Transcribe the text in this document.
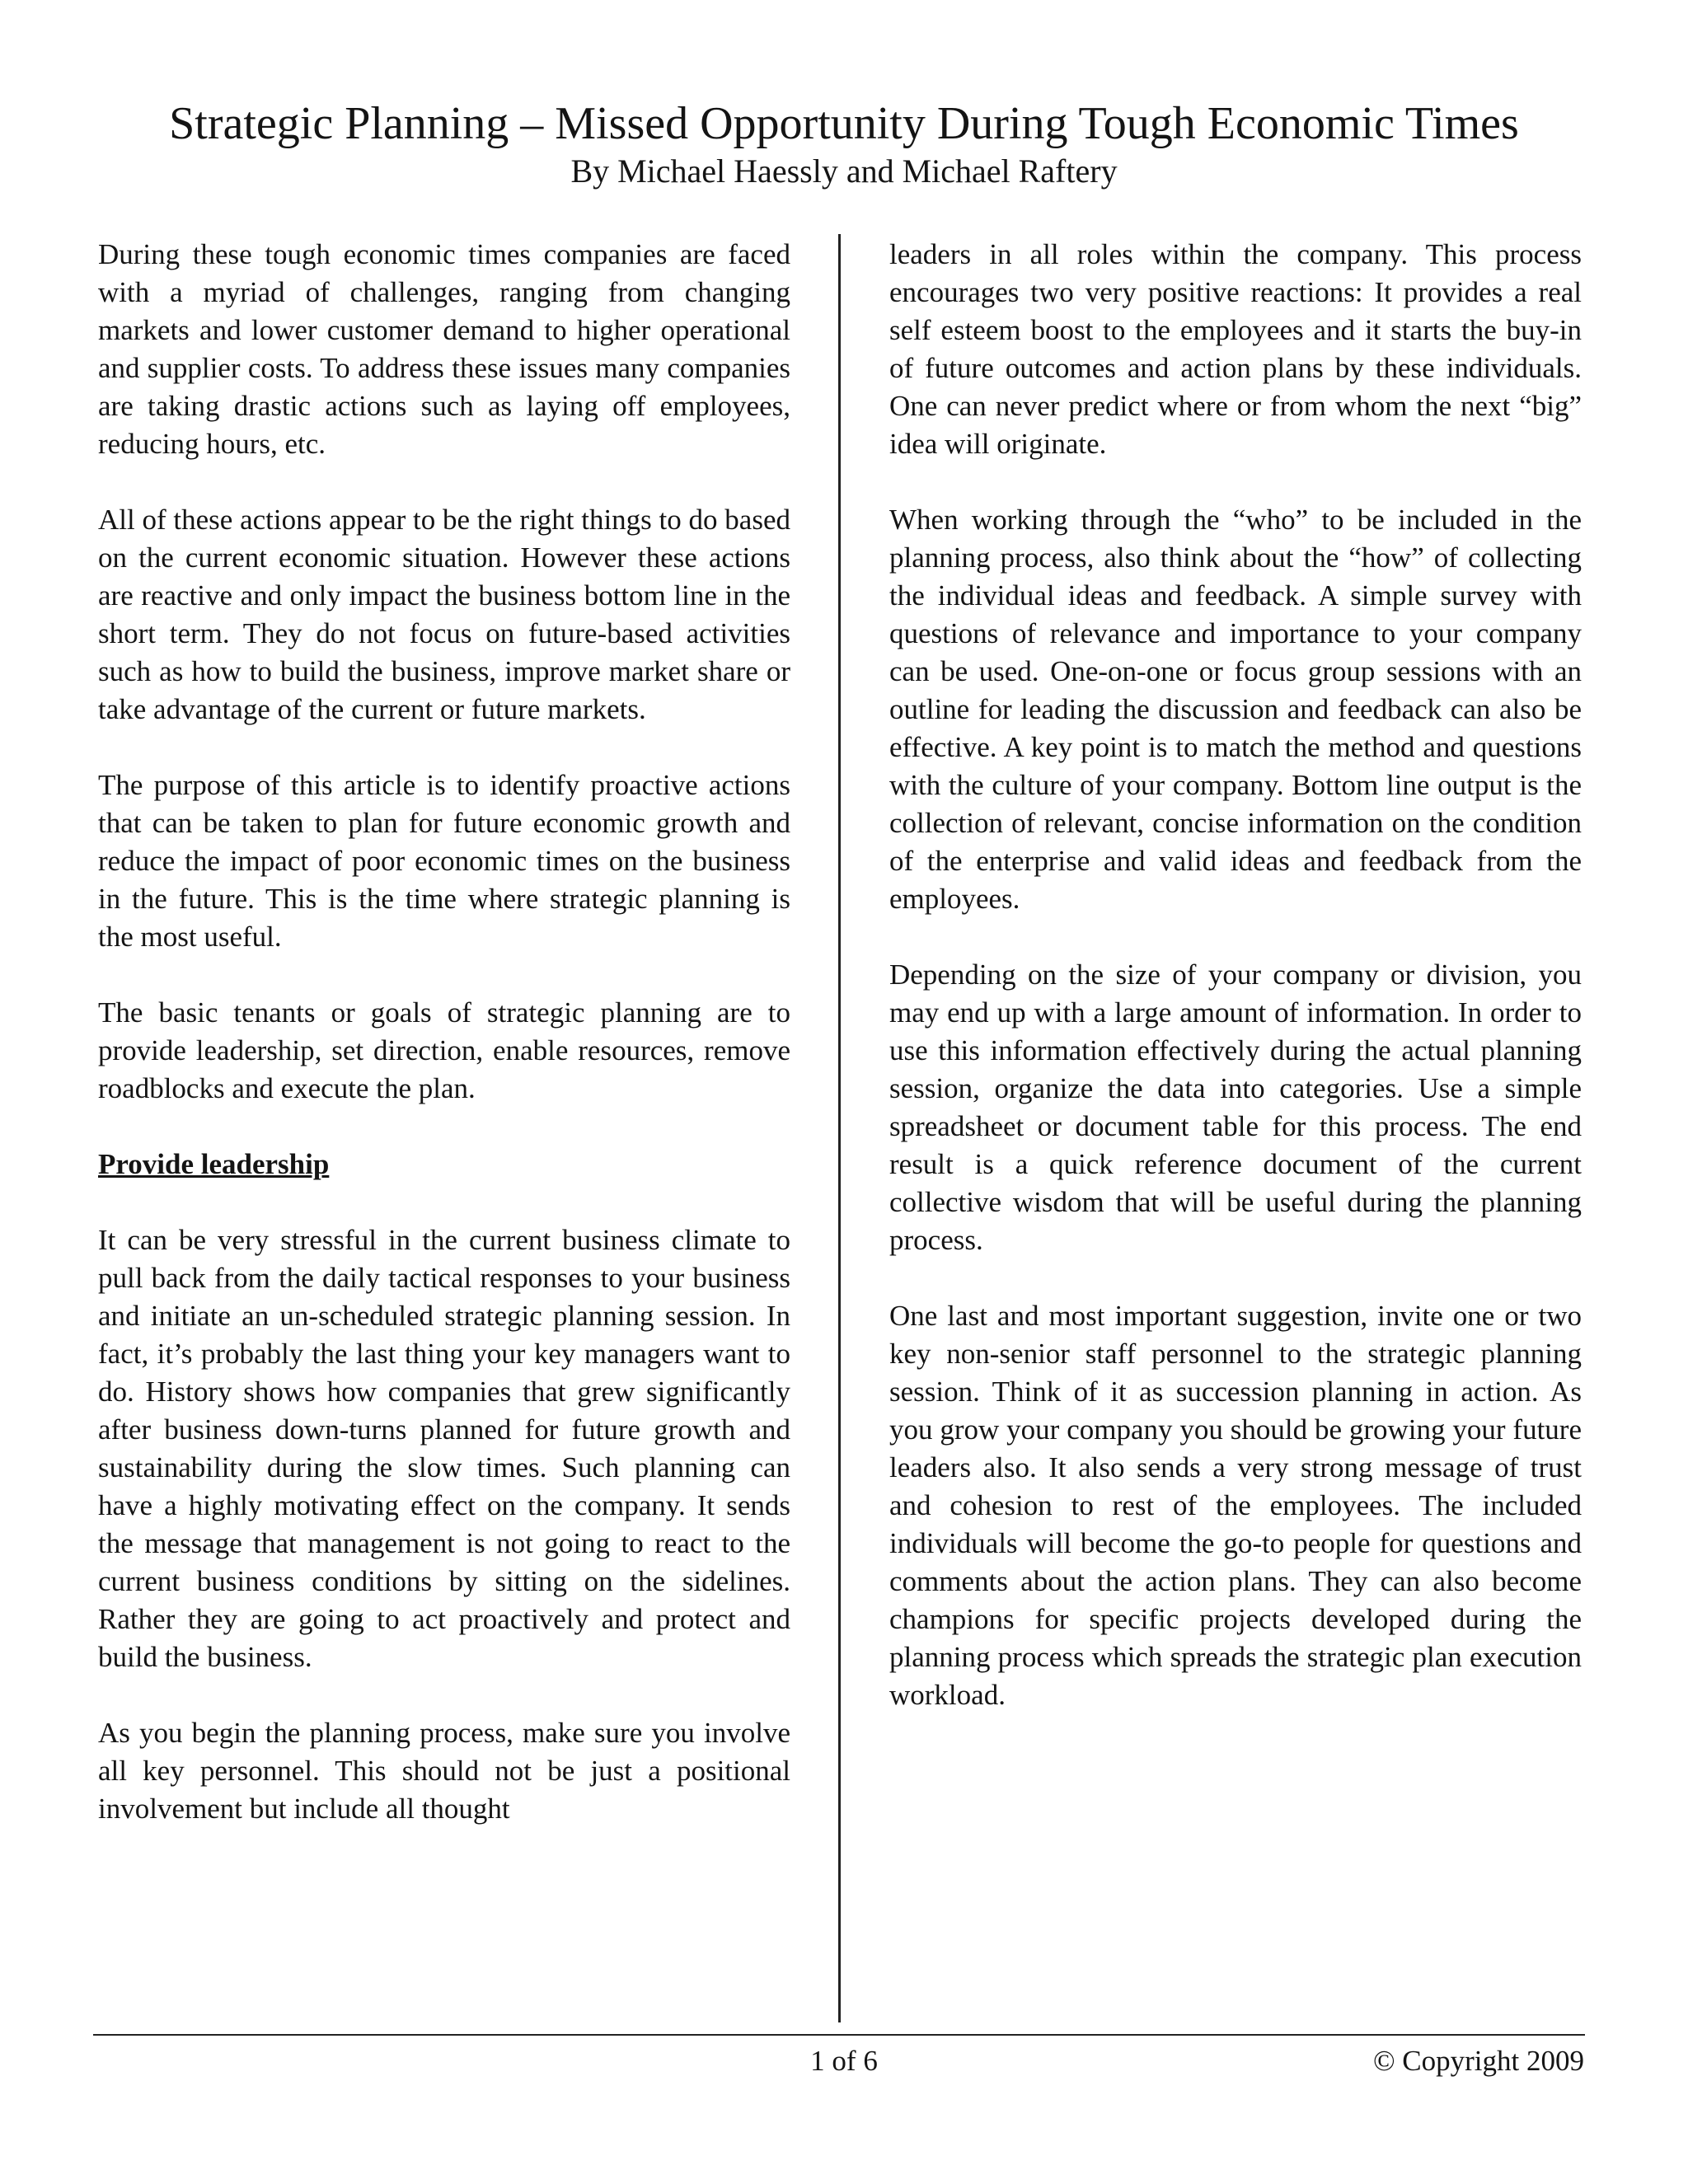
Strategic Planning – Missed Opportunity During Tough Economic Times
By Michael Haessly and Michael Raftery

During these tough economic times companies are faced with a myriad of challenges, ranging from changing markets and lower customer demand to higher operational and supplier costs. To address these issues many companies are taking drastic actions such as laying off employees, reducing hours, etc.

All of these actions appear to be the right things to do based on the current economic situation. However these actions are reactive and only impact the business bottom line in the short term. They do not focus on future-based activities such as how to build the business, improve market share or take advantage of the current or future markets.

The purpose of this article is to identify proactive actions that can be taken to plan for future economic growth and reduce the impact of poor economic times on the business in the future. This is the time where strategic planning is the most useful.

The basic tenants or goals of strategic planning are to provide leadership, set direction, enable resources, remove roadblocks and execute the plan.

Provide leadership

It can be very stressful in the current business climate to pull back from the daily tactical responses to your business and initiate an un-scheduled strategic planning session. In fact, it’s probably the last thing your key managers want to do. History shows how companies that grew significantly after business down-turns planned for future growth and sustainability during the slow times. Such planning can have a highly motivating effect on the company. It sends the message that management is not going to react to the current business conditions by sitting on the sidelines. Rather they are going to act proactively and protect and build the business.

As you begin the planning process, make sure you involve all key personnel. This should not be just a positional involvement but include all thought

leaders in all roles within the company. This process encourages two very positive reactions: It provides a real self esteem boost to the employees and it starts the buy-in of future outcomes and action plans by these individuals. One can never predict where or from whom the next “big” idea will originate.

When working through the “who” to be included in the planning process, also think about the “how” of collecting the individual ideas and feedback. A simple survey with questions of relevance and importance to your company can be used. One-on-one or focus group sessions with an outline for leading the discussion and feedback can also be effective. A key point is to match the method and questions with the culture of your company. Bottom line output is the collection of relevant, concise information on the condition of the enterprise and valid ideas and feedback from the employees.

Depending on the size of your company or division, you may end up with a large amount of information. In order to use this information effectively during the actual planning session, organize the data into categories. Use a simple spreadsheet or document table for this process. The end result is a quick reference document of the current collective wisdom that will be useful during the planning process.

One last and most important suggestion, invite one or two key non-senior staff personnel to the strategic planning session. Think of it as succession planning in action. As you grow your company you should be growing your future leaders also. It also sends a very strong message of trust and cohesion to rest of the employees. The included individuals will become the go-to people for questions and comments about the action plans. They can also become champions for specific projects developed during the planning process which spreads the strategic plan execution workload.

1 of 6	© Copyright 2009
